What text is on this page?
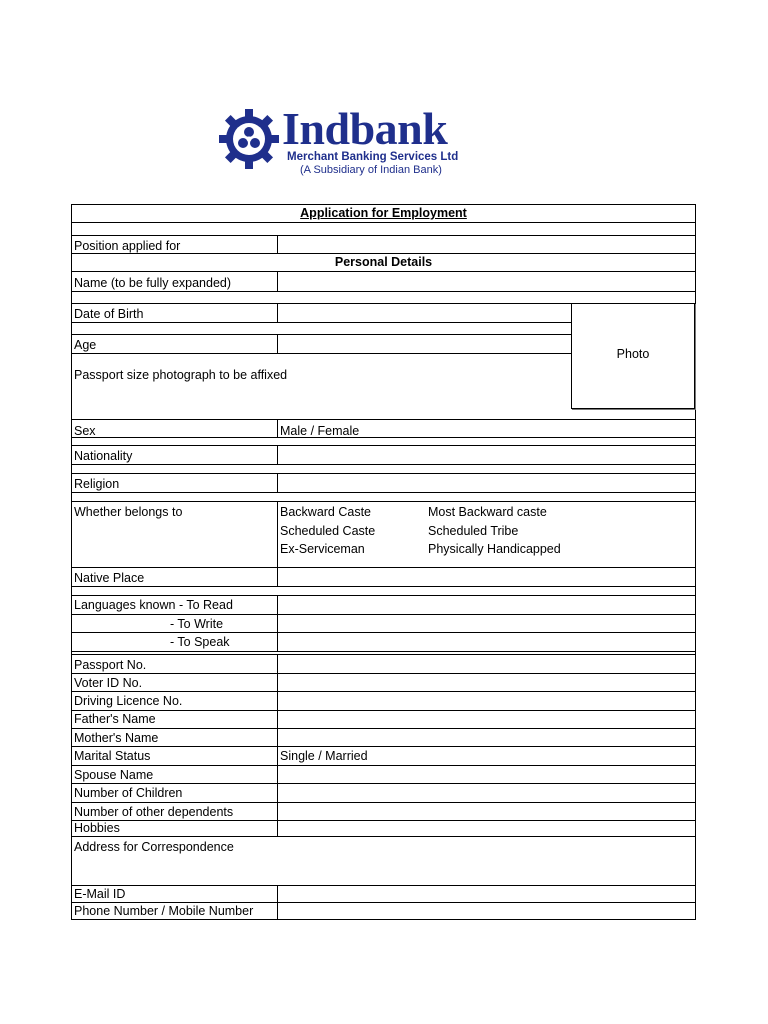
Indbank
Merchant Banking Services Ltd
(A Subsidiary of Indian Bank)
Photo
Application for Employment
Position applied for
Personal Details
Name (to be fully expanded)
Date of Birth
Age
Passport size photograph to be affixed
Sex	Male / Female
Nationality
Religion
Whether belongs to	Backward Caste	Most Backward caste
Scheduled Caste	Scheduled Tribe
Ex-Serviceman	Physically Handicapped
Native Place
Languages known - To Read
- To Write
- To Speak
Passport No.
Voter ID No.
Driving Licence No.
Father's Name
Mother's Name
Marital Status	Single / Married
Spouse Name
Number of Children
Number of other dependents
Hobbies
Address for Correspondence
E-Mail ID
Phone Number / Mobile Number
